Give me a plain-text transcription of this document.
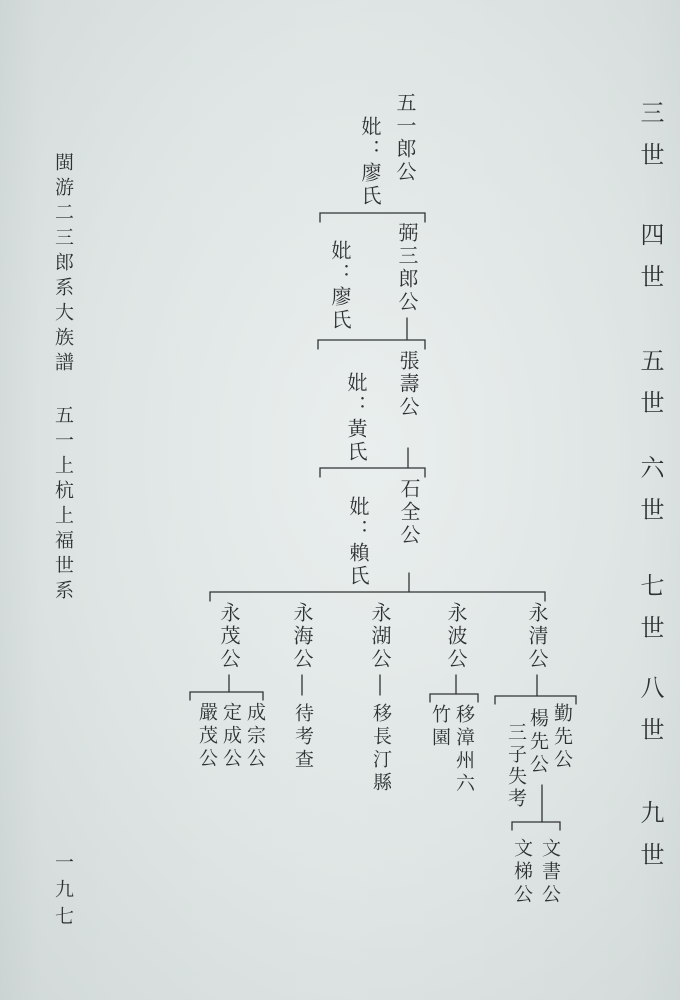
閩游二三郎系大族譜
五一上杭上福世系
一九七
三世
四世
五世
六世
七世
八世
九世
五一郎公
妣：廖氏
弼三郎公
妣：廖氏
張壽公
妣：黃氏
石全公
妣：賴氏
永清公
永波公
永湖公
永海公
永茂公
勤先公
楊先公
三子失考
移漳州六
竹園
移長汀縣
待考查
成宗公
定成公
嚴茂公
文書公
文梯公
